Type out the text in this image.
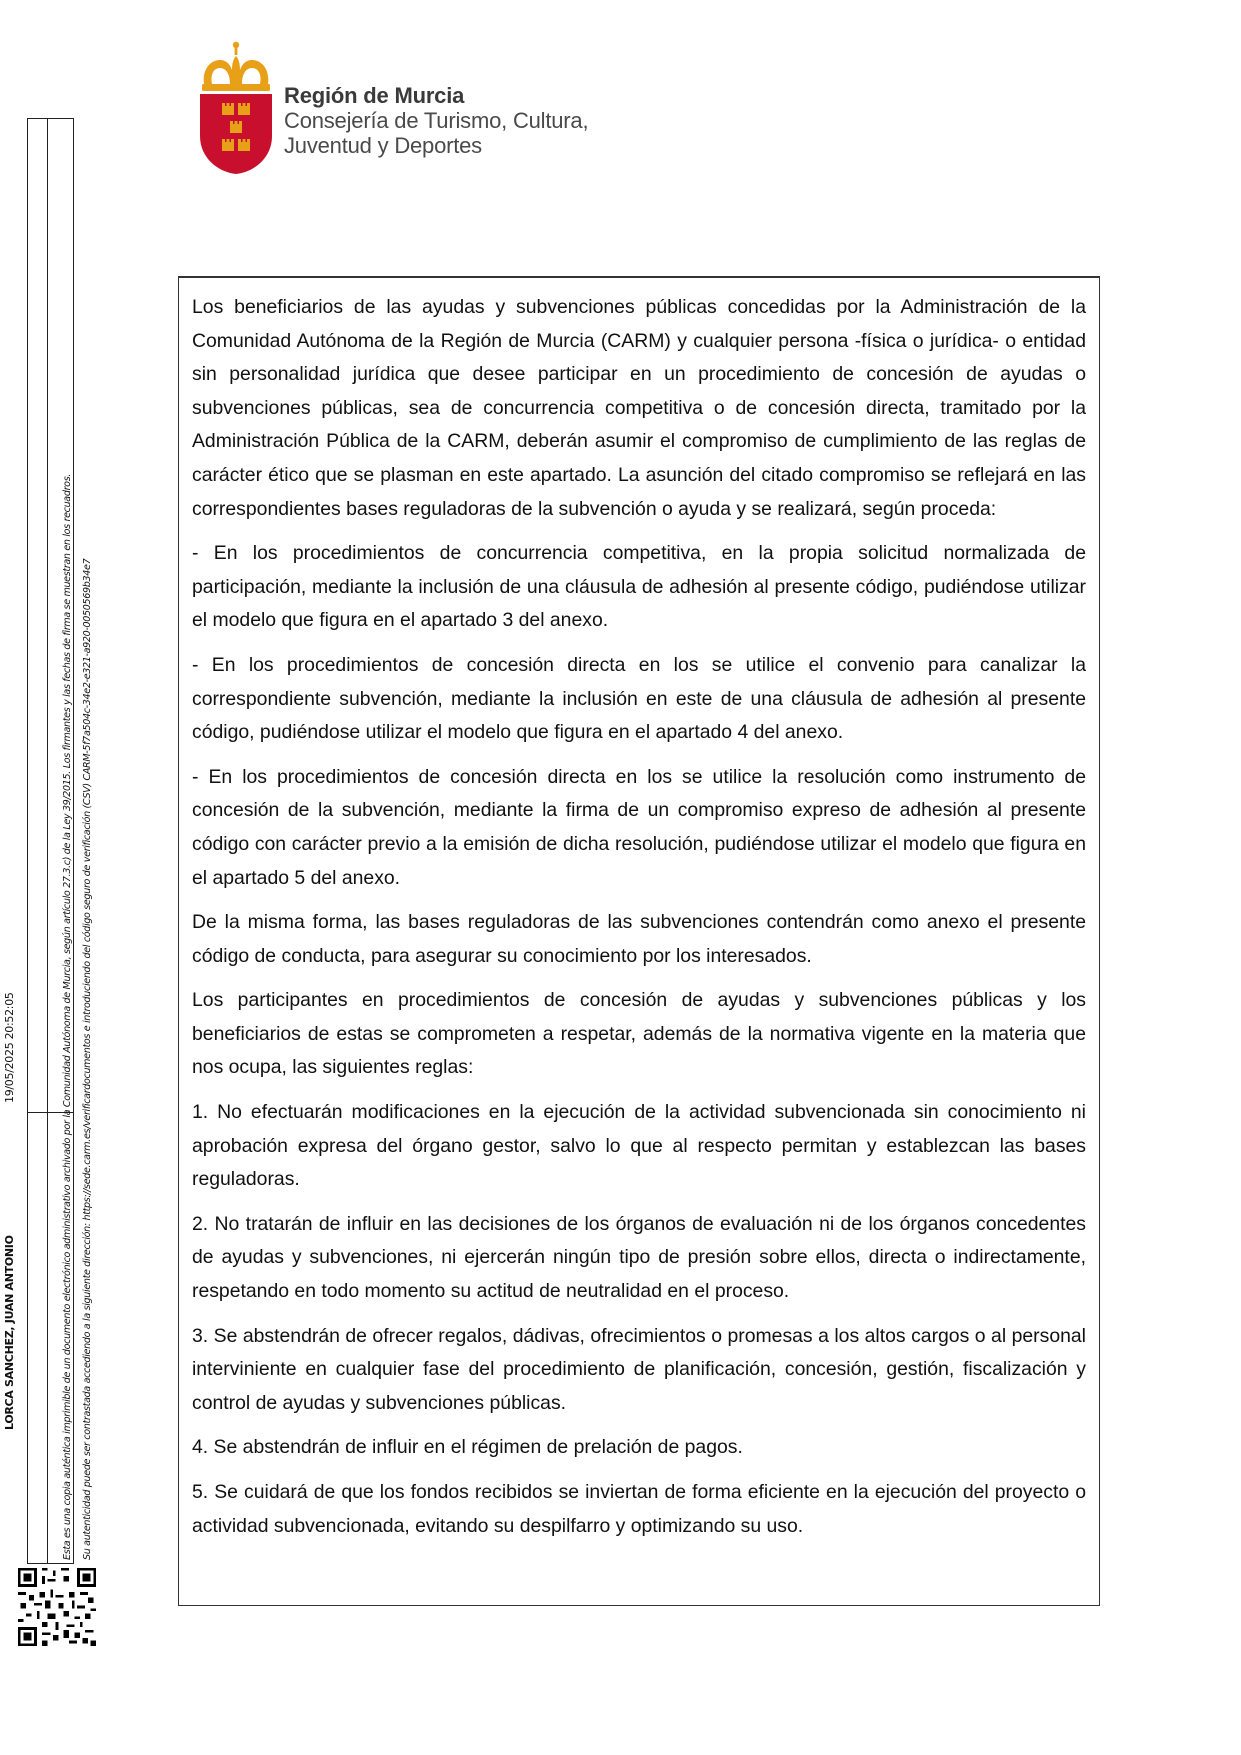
Región de Murcia
Consejería de Turismo, Cultura,
Juventud y Deportes
LORCA SANCHEZ, JUAN ANTONIO
19/05/2025 20:52:05	Esta es una copia auténtica imprimible de un documento electrónico administrativo archivado por la Comunidad Autónoma de Murcia, según artículo 27.3.c) de la Ley 39/2015. Los firmantes y las fechas de firma se muestran en los recuadros. Su autenticidad puede ser contrastada accediendo a la siguiente dirección: https://sede.carm.es/verificardocumentos e introduciendo del código seguro de verificación (CSV) CARM-5f7a504c-34e2-e321-a920-0050569b34e7

Los beneficiarios de las ayudas y subvenciones públicas concedidas por la Administración de la Comunidad Autónoma de la Región de Murcia (CARM) y cualquier persona -física o jurídica- o entidad sin personalidad jurídica que desee participar en un procedimiento de concesión de ayudas o subvenciones públicas, sea de concurrencia competitiva o de concesión directa, tramitado por la Administración Pública de la CARM, deberán asumir el compromiso de cumplimiento de las reglas de carácter ético que se plasman en este apartado. La asunción del citado compromiso se reflejará en las correspondientes bases reguladoras de la subvención o ayuda y se realizará, según proceda:

- En los procedimientos de concurrencia competitiva, en la propia solicitud normalizada de participación, mediante la inclusión de una cláusula de adhesión al presente código, pudiéndose utilizar el modelo que figura en el apartado 3 del anexo.

- En los procedimientos de concesión directa en los se utilice el convenio para canalizar la correspondiente subvención, mediante la inclusión en este de una cláusula de adhesión al presente código, pudiéndose utilizar el modelo que figura en el apartado 4 del anexo.

- En los procedimientos de concesión directa en los se utilice la resolución como instrumento de concesión de la subvención, mediante la firma de un compromiso expreso de adhesión al presente código con carácter previo a la emisión de dicha resolución, pudiéndose utilizar el modelo que figura en el apartado 5 del anexo.

De la misma forma, las bases reguladoras de las subvenciones contendrán como anexo el presente código de conducta, para asegurar su conocimiento por los interesados.

Los participantes en procedimientos de concesión de ayudas y subvenciones públicas y los beneficiarios de estas se comprometen a respetar, además de la normativa vigente en la materia que nos ocupa, las siguientes reglas:

1. No efectuarán modificaciones en la ejecución de la actividad subvencionada sin conocimiento ni aprobación expresa del órgano gestor, salvo lo que al respecto permitan y establezcan las bases reguladoras.

2. No tratarán de influir en las decisiones de los órganos de evaluación ni de los órganos concedentes de ayudas y subvenciones, ni ejercerán ningún tipo de presión sobre ellos, directa o indirectamente, respetando en todo momento su actitud de neutralidad en el proceso.

3. Se abstendrán de ofrecer regalos, dádivas, ofrecimientos o promesas a los altos cargos o al personal interviniente en cualquier fase del procedimiento de planificación, concesión, gestión, fiscalización y control de ayudas y subvenciones públicas.

4. Se abstendrán de influir en el régimen de prelación de pagos.

5. Se cuidará de que los fondos recibidos se inviertan de forma eficiente en la ejecución del proyecto o actividad subvencionada, evitando su despilfarro y optimizando su uso.
